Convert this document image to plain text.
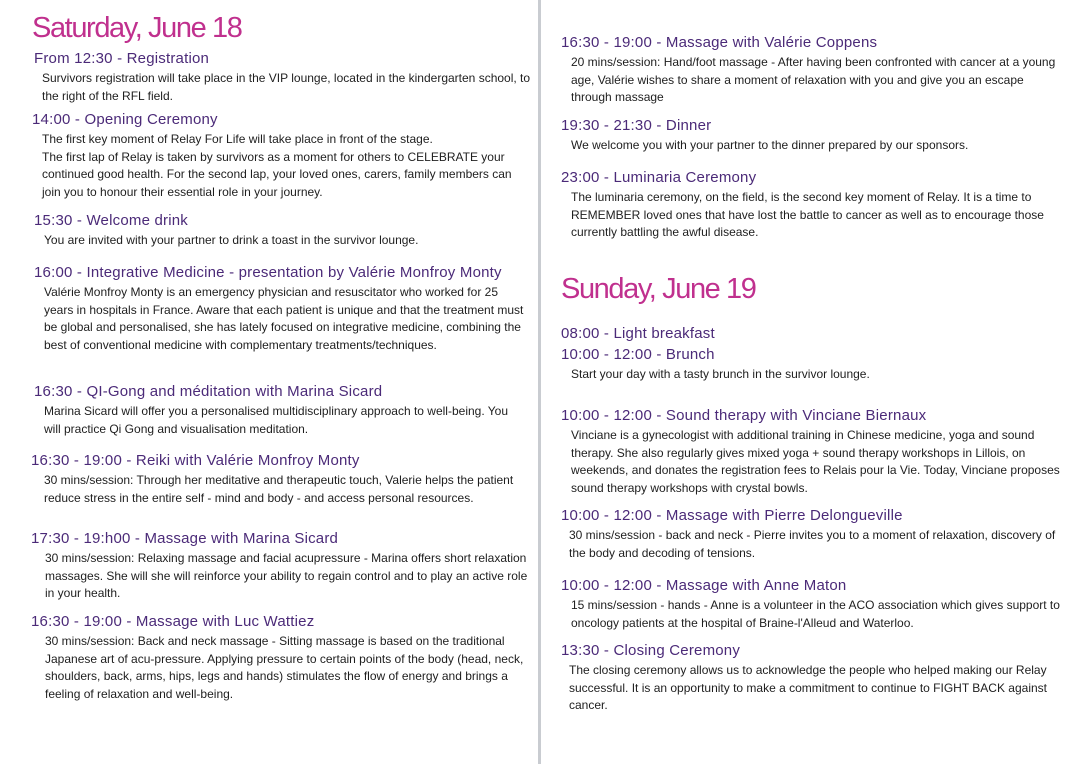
Saturday, June 18
From 12:30 - Registration

Survivors registration will take place in the VIP lounge, located in the kindergarten school, to the right of the RFL field.

14:00 - Opening Ceremony

The first key moment of Relay For Life will take place in front of the stage.

The first lap of Relay is taken by survivors as a moment for others to CELEBRATE your continued good health. For the second lap, your loved ones, carers, family members can join you to honour their essential role in your journey.

15:30 - Welcome drink

You are invited with your partner to drink a toast in the survivor lounge.

16:00 - Integrative Medicine - presentation by Valérie Monfroy Monty

Valérie Monfroy Monty is an emergency physician and resuscitator who worked for 25 years in hospitals in France. Aware that each patient is unique and that the treatment must be global and personalised, she has lately focused on integrative medicine, combining the best of conventional medicine with complementary treatments/techniques.

16:30 - QI-Gong and méditation with Marina Sicard

Marina Sicard will offer you a personalised multidisciplinary approach to well-being. You will practice Qi Gong and visualisation meditation.

16:30 - 19:00 - Reiki with Valérie Monfroy Monty

30 mins/session: Through her meditative and therapeutic touch, Valerie helps the patient reduce stress in the entire self - mind and body - and access personal resources.

17:30 - 19:h00 - Massage with Marina Sicard

30 mins/session: Relaxing massage and facial acupressure - Marina offers short relaxation massages. She will she will reinforce your ability to regain control and to play an active role in your health.

16:30 - 19:00 - Massage with Luc Wattiez

30 mins/session: Back and neck massage - Sitting massage is based on the traditional Japanese art of acu-pressure. Applying pressure to certain points of the body (head, neck, shoulders, back, arms, hips, legs and hands) stimulates the flow of energy and brings a feeling of relaxation and well-being.

16:30 - 19:00 - Massage with Valérie Coppens

20 mins/session: Hand/foot massage - After having been confronted with cancer at a young age, Valérie wishes to share a moment of relaxation with you and give you an escape through massage

19:30 - 21:30 - Dinner

We welcome you with your partner to the dinner prepared by our sponsors.

23:00 - Luminaria Ceremony

The luminaria ceremony, on the field, is the second key moment of Relay. It is a time to REMEMBER loved ones that have lost the battle to cancer as well as to encourage those currently battling the awful disease.

Sunday, June 19
08:00 - Light breakfast
10:00 - 12:00 - Brunch

Start your day with a tasty brunch in the survivor lounge.

10:00 - 12:00 - Sound therapy with Vinciane Biernaux

Vinciane is a gynecologist with additional training in Chinese medicine, yoga and sound therapy. She also regularly gives mixed yoga + sound therapy workshops in Lillois, on weekends, and donates the registration fees to Relais pour la Vie. Today, Vinciane proposes sound therapy workshops with crystal bowls.

10:00 - 12:00 - Massage with Pierre Delongueville

30 mins/session - back and neck - Pierre invites you to a moment of relaxation, discovery of the body and decoding of tensions.

10:00 - 12:00 - Massage with Anne Maton

15 mins/session - hands - Anne is a volunteer in the ACO association which gives support to oncology patients at the hospital of Braine-l'Alleud and Waterloo.

13:30 - Closing Ceremony

The closing ceremony allows us to acknowledge the people who helped making our Relay successful. It is an opportunity to make a commitment to continue to FIGHT BACK against cancer.
